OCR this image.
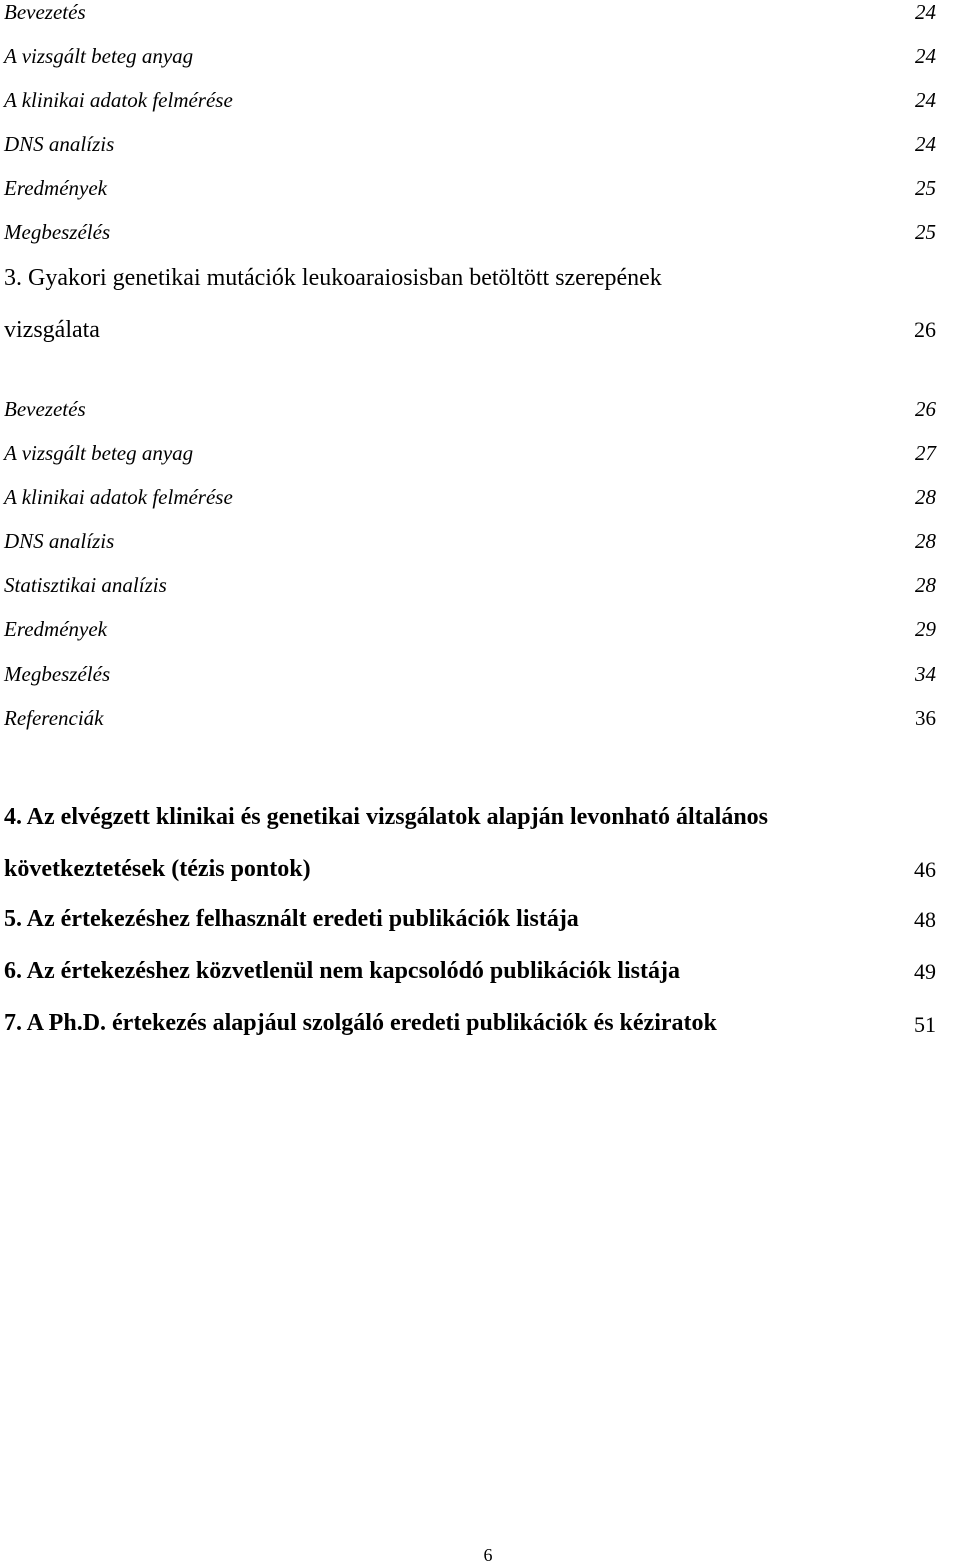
Bevezetés	24
A vizsgált beteg anyag	24
A klinikai adatok felmérése	24
DNS analízis	24
Eredmények	25
Megbeszélés	25
3. Gyakori genetikai mutációk leukoaraiosisban betöltött szerepének
vizsgálata	26
Bevezetés	26
A vizsgált beteg anyag	27
A klinikai adatok felmérése	28
DNS analízis	28
Statisztikai analízis	28
Eredmények	29
Megbeszélés	34
Referenciák	36
4. Az elvégzett klinikai és genetikai vizsgálatok alapján levonható általános
következtetések (tézis pontok)	46
5. Az értekezéshez felhasznált eredeti publikációk listája	48
6. Az értekezéshez közvetlenül nem kapcsolódó publikációk listája	49
7. A Ph.D. értekezés alapjául szolgáló eredeti publikációk és kéziratok	51
6
